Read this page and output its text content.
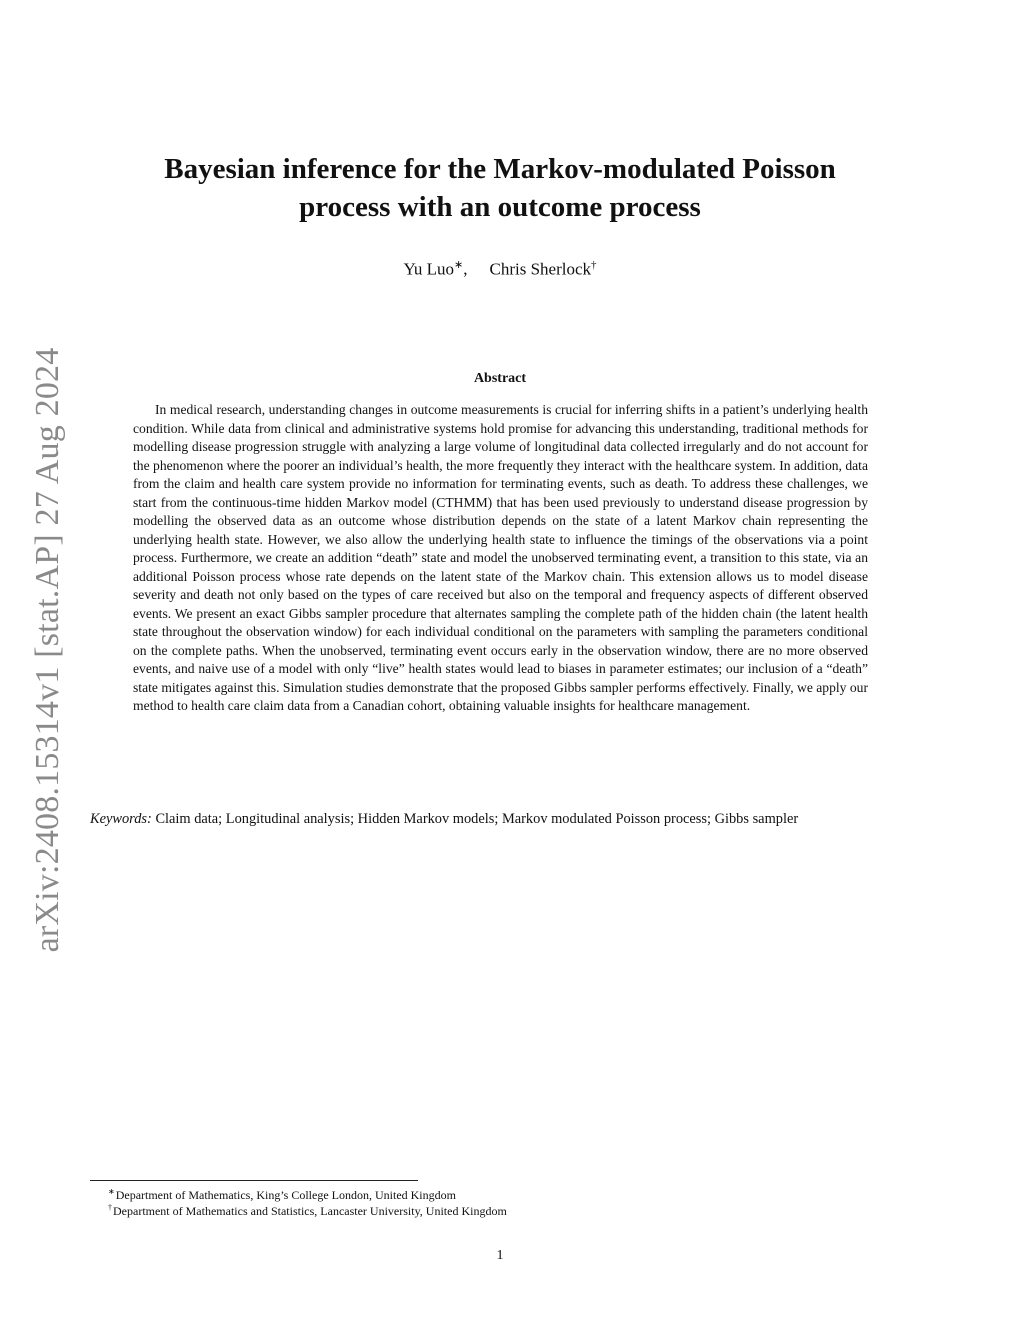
arXiv:2408.15314v1 [stat.AP] 27 Aug 2024
Bayesian inference for the Markov-modulated Poisson
process with an outcome process
Yu Luo∗, Chris Sherlock†
Abstract

In medical research, understanding changes in outcome measurements is crucial for inferring shifts in a patient’s underlying health condition. While data from clinical and administrative systems hold promise for advancing this understanding, traditional methods for modelling disease progression struggle with analyzing a large volume of longitudinal data collected irregularly and do not account for the phenomenon where the poorer an individual’s health, the more frequently they interact with the healthcare system. In addition, data from the claim and health care system provide no information for terminating events, such as death. To address these challenges, we start from the continuous-time hidden Markov model (CTHMM) that has been used previously to understand disease progression by modelling the observed data as an outcome whose distribution depends on the state of a latent Markov chain representing the underlying health state. However, we also allow the underlying health state to influence the timings of the observations via a point process. Furthermore, we create an addition “death” state and model the unobserved terminating event, a transition to this state, via an additional Poisson process whose rate depends on the latent state of the Markov chain. This extension allows us to model disease severity and death not only based on the types of care received but also on the temporal and frequency aspects of different observed events. We present an exact Gibbs sampler procedure that alternates sampling the complete path of the hidden chain (the latent health state throughout the observation window) for each individual conditional on the parameters with sampling the parameters conditional on the complete paths. When the unobserved, terminating event occurs early in the observation window, there are no more observed events, and naive use of a model with only “live” health states would lead to biases in parameter estimates; our inclusion of a “death” state mitigates against this. Simulation studies demonstrate that the proposed Gibbs sampler performs effectively. Finally, we apply our method to health care claim data from a Canadian cohort, obtaining valuable insights for healthcare management.

Keywords: Claim data; Longitudinal analysis; Hidden Markov models; Markov modulated Poisson process; Gibbs sampler

∗Department of Mathematics, King’s College London, United Kingdom
†Department of Mathematics and Statistics, Lancaster University, United Kingdom
1
